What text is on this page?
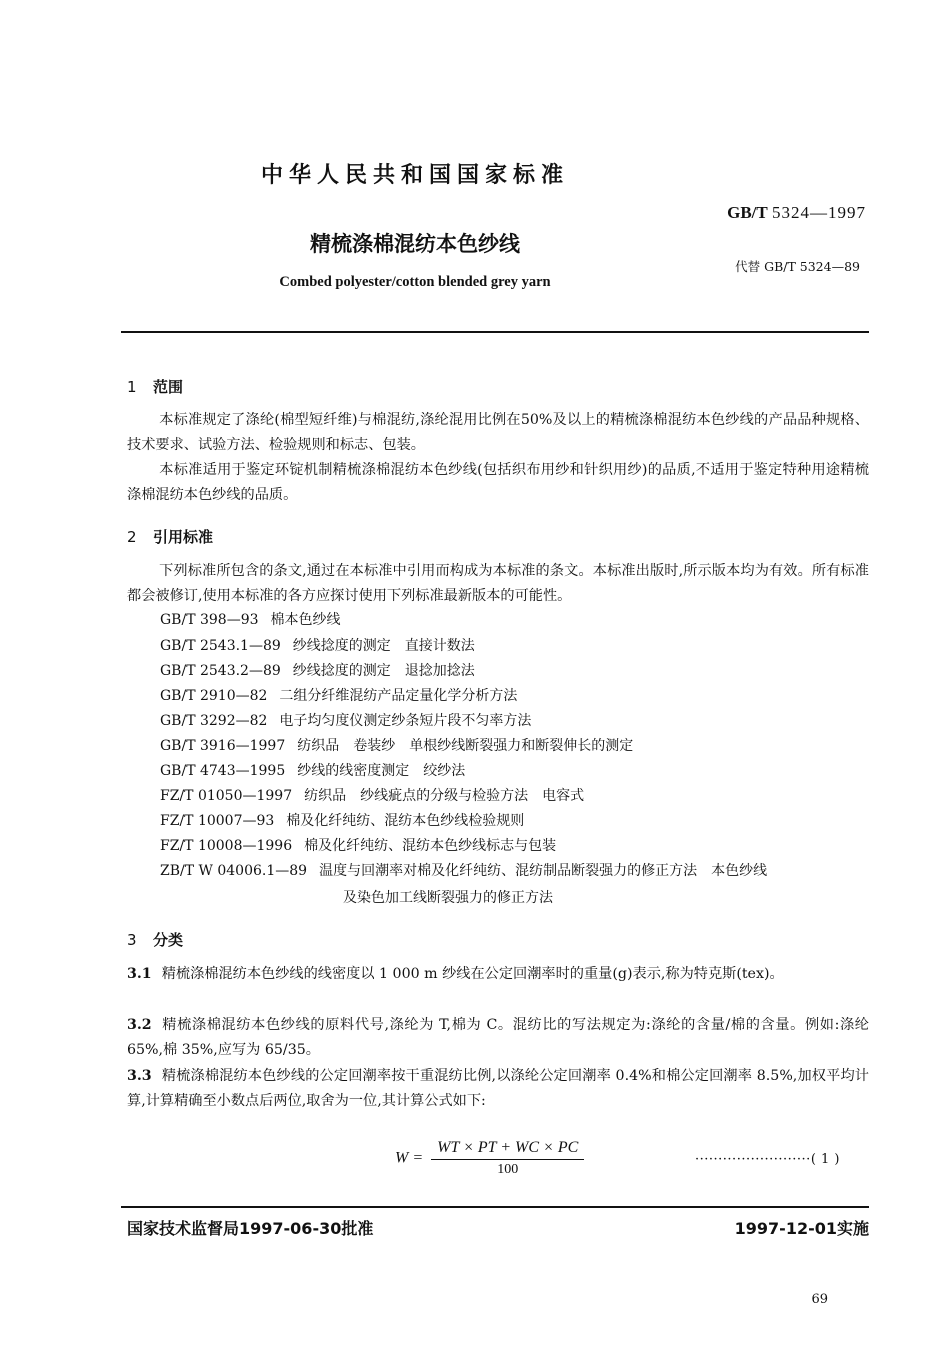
中华人民共和国国家标准
GB/T 5324—1997
精梳涤棉混纺本色纱线
代替 GB/T 5324—89
Combed polyester/cotton blended grey yarn
1 范围
本标准规定了涤纶(棉型短纤维)与棉混纺,涤纶混用比例在50%及以上的精梳涤棉混纺本色纱线的产品品种规格、技术要求、试验方法、检验规则和标志、包装。
本标准适用于鉴定环锭机制精梳涤棉混纺本色纱线(包括织布用纱和针织用纱)的品质,不适用于鉴定特种用途精梳涤棉混纺本色纱线的品质。
2 引用标准
下列标准所包含的条文,通过在本标准中引用而构成为本标准的条文。本标准出版时,所示版本均为有效。所有标准都会被修订,使用本标准的各方应探讨使用下列标准最新版本的可能性。
GB/T 398—93 棉本色纱线
GB/T 2543.1—89 纱线捻度的测定　直接计数法
GB/T 2543.2—89 纱线捻度的测定　退捻加捻法
GB/T 2910—82 二组分纤维混纺产品定量化学分析方法
GB/T 3292—82 电子均匀度仪测定纱条短片段不匀率方法
GB/T 3916—1997 纺织品　卷装纱　单根纱线断裂强力和断裂伸长的测定
GB/T 4743—1995 纱线的线密度测定　绞纱法
FZ/T 01050—1997 纺织品　纱线疵点的分级与检验方法　电容式
FZ/T 10007—93 棉及化纤纯纺、混纺本色纱线检验规则
FZ/T 10008—1996 棉及化纤纯纺、混纺本色纱线标志与包装
ZB/T W 04006.1—89 温度与回潮率对棉及化纤纯纺、混纺制品断裂强力的修正方法　本色纱线
及染色加工线断裂强力的修正方法
3 分类
3.1 精梳涤棉混纺本色纱线的线密度以 1 000 m 纱线在公定回潮率时的重量(g)表示,称为特克斯(tex)。
3.2 精梳涤棉混纺本色纱线的原料代号,涤纶为 T,棉为 C。混纺比的写法规定为:涤纶的含量/棉的含量。例如:涤纶 65%,棉 35%,应写为 65/35。
3.3 精梳涤棉混纺本色纱线的公定回潮率按干重混纺比例,以涤纶公定回潮率 0.4%和棉公定回潮率 8.5%,加权平均计算,计算精确至小数点后两位,取舍为一位,其计算公式如下:
$W = \frac{WT \times PT + WC \times PC}{100}$	·························( 1 )
国家技术监督局1997-06-30批准	1997-12-01实施
69
